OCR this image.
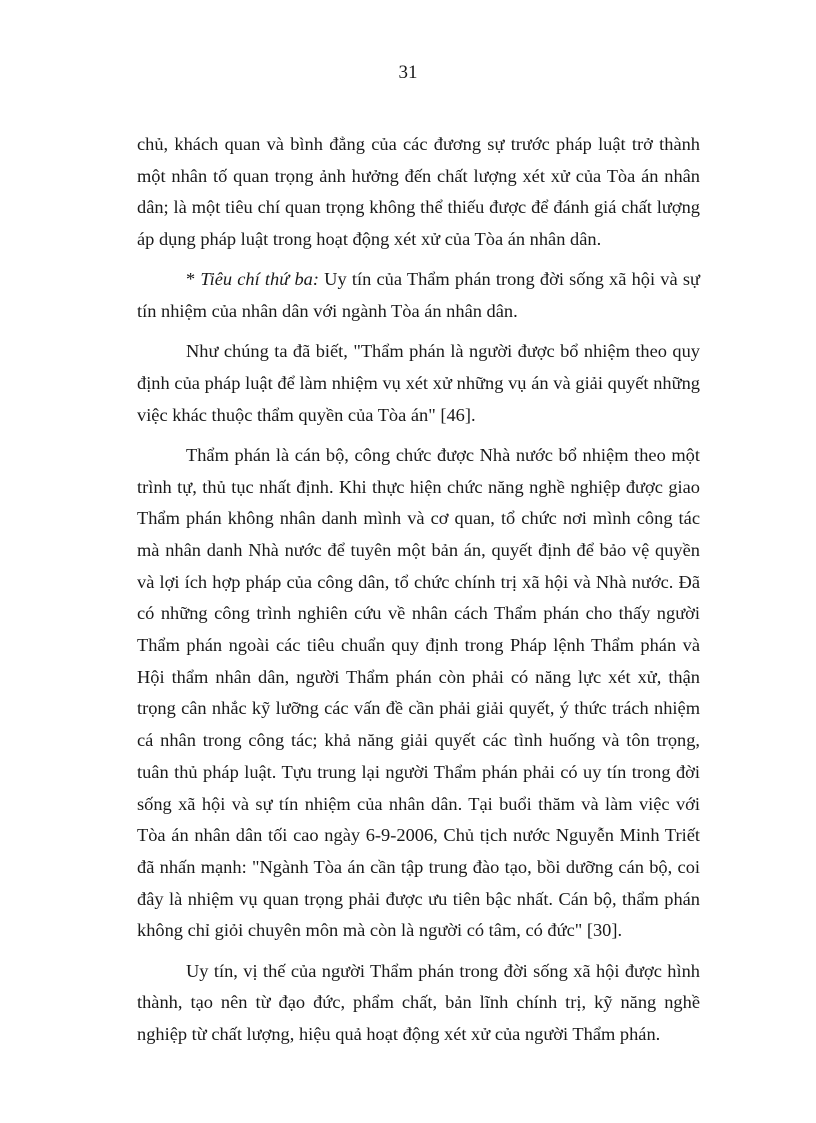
31

chủ, khách quan và bình đẳng của các đương sự trước pháp luật trở thành một nhân tố quan trọng ảnh hưởng đến chất lượng xét xử của Tòa án nhân dân; là một tiêu chí quan trọng không thể thiếu được để đánh giá chất lượng áp dụng pháp luật trong hoạt động xét xử của Tòa án nhân dân.

* Tiêu chí thứ ba: Uy tín của Thẩm phán trong đời sống xã hội và sự tín nhiệm của nhân dân với ngành Tòa án nhân dân.

Như chúng ta đã biết, "Thẩm phán là người được bổ nhiệm theo quy định của pháp luật để làm nhiệm vụ xét xử những vụ án và giải quyết những việc khác thuộc thẩm quyền của Tòa án" [46].

Thẩm phán là cán bộ, công chức được Nhà nước bổ nhiệm theo một trình tự, thủ tục nhất định. Khi thực hiện chức năng nghề nghiệp được giao Thẩm phán không nhân danh mình và cơ quan, tổ chức nơi mình công tác mà nhân danh Nhà nước để tuyên một bản án, quyết định để bảo vệ quyền và lợi ích hợp pháp của công dân, tổ chức chính trị xã hội và Nhà nước. Đã có những công trình nghiên cứu về nhân cách Thẩm phán cho thấy người Thẩm phán ngoài các tiêu chuẩn quy định trong Pháp lệnh Thẩm phán và Hội thẩm nhân dân, người Thẩm phán còn phải có năng lực xét xử, thận trọng cân nhắc kỹ lưỡng các vấn đề cần phải giải quyết, ý thức trách nhiệm cá nhân trong công tác; khả năng giải quyết các tình huống và tôn trọng, tuân thủ pháp luật. Tựu trung lại người Thẩm phán phải có uy tín trong đời sống xã hội và sự tín nhiệm của nhân dân. Tại buổi thăm và làm việc với Tòa án nhân dân tối cao ngày 6-9-2006, Chủ tịch nước Nguyễn Minh Triết đã nhấn mạnh: "Ngành Tòa án cần tập trung đào tạo, bồi dưỡng cán bộ, coi đây là nhiệm vụ quan trọng phải được ưu tiên bậc nhất. Cán bộ, thẩm phán không chỉ giỏi chuyên môn mà còn là người có tâm, có đức" [30].

Uy tín, vị thế của người Thẩm phán trong đời sống xã hội được hình thành, tạo nên từ đạo đức, phẩm chất, bản lĩnh chính trị, kỹ năng nghề nghiệp từ chất lượng, hiệu quả hoạt động xét xử của người Thẩm phán.
